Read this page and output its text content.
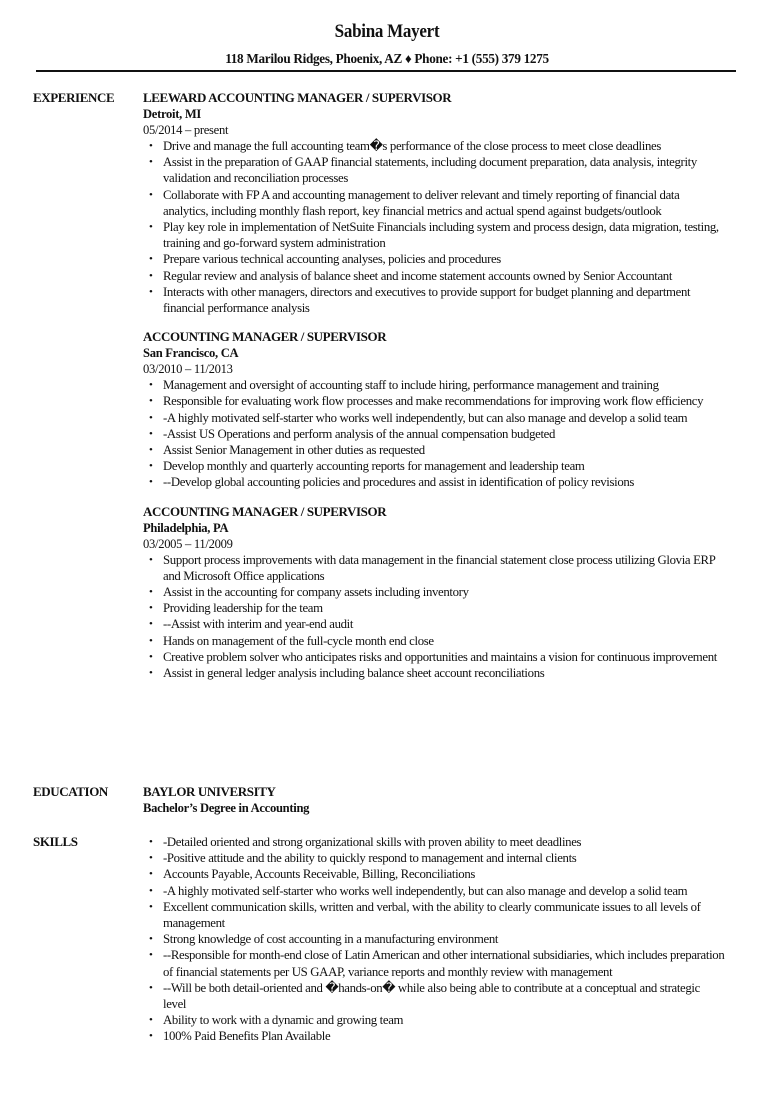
Sabina Mayert
118 Marilou Ridges, Phoenix, AZ ♦ Phone: +1 (555) 379 1275
EXPERIENCE LEEWARD ACCOUNTING MANAGER / SUPERVISOR
Detroit, MI
05/2014 – present
• Drive and manage the full accounting team�s performance of the close process to meet close deadlines
• Assist in the preparation of GAAP financial statements, including document preparation, data analysis, integrity validation and reconciliation processes
• Collaborate with FP A and accounting management to deliver relevant and timely reporting of financial data analytics, including monthly flash report, key financial metrics and actual spend against budgets/outlook
• Play key role in implementation of NetSuite Financials including system and process design, data migration, testing, training and go-forward system administration
• Prepare various technical accounting analyses, policies and procedures
• Regular review and analysis of balance sheet and income statement accounts owned by Senior Accountant
• Interacts with other managers, directors and executives to provide support for budget planning and department financial performance analysis
ACCOUNTING MANAGER / SUPERVISOR
San Francisco, CA
03/2010 – 11/2013
• Management and oversight of accounting staff to include hiring, performance management and training
• Responsible for evaluating work flow processes and make recommendations for improving work flow efficiency
• -A highly motivated self-starter who works well independently, but can also manage and develop a solid team
• -Assist US Operations and perform analysis of the annual compensation budgeted
• Assist Senior Management in other duties as requested
• Develop monthly and quarterly accounting reports for management and leadership team
• --Develop global accounting policies and procedures and assist in identification of policy revisions
ACCOUNTING MANAGER / SUPERVISOR
Philadelphia, PA
03/2005 – 11/2009
• Support process improvements with data management in the financial statement close process utilizing Glovia ERP and Microsoft Office applications
• Assist in the accounting for company assets including inventory
• Providing leadership for the team
• --Assist with interim and year-end audit
• Hands on management of the full-cycle month end close
• Creative problem solver who anticipates risks and opportunities and maintains a vision for continuous improvement
• Assist in general ledger analysis including balance sheet account reconciliations
EDUCATION	BAYLOR UNIVERSITY
Bachelor’s Degree in Accounting
SKILLS	• -Detailed oriented and strong organizational skills with proven ability to meet deadlines
• -Positive attitude and the ability to quickly respond to management and internal clients
• Accounts Payable, Accounts Receivable, Billing, Reconciliations
• -A highly motivated self-starter who works well independently, but can also manage and develop a solid team
• Excellent communication skills, written and verbal, with the ability to clearly communicate issues to all levels of management
• Strong knowledge of cost accounting in a manufacturing environment
• --Responsible for month-end close of Latin American and other international subsidiaries, which includes preparation of financial statements per US GAAP, variance reports and monthly review with management
• --Will be both detail-oriented and �hands-on� while also being able to contribute at a conceptual and strategic level
• Ability to work with a dynamic and growing team
• 100% Paid Benefits Plan Available
